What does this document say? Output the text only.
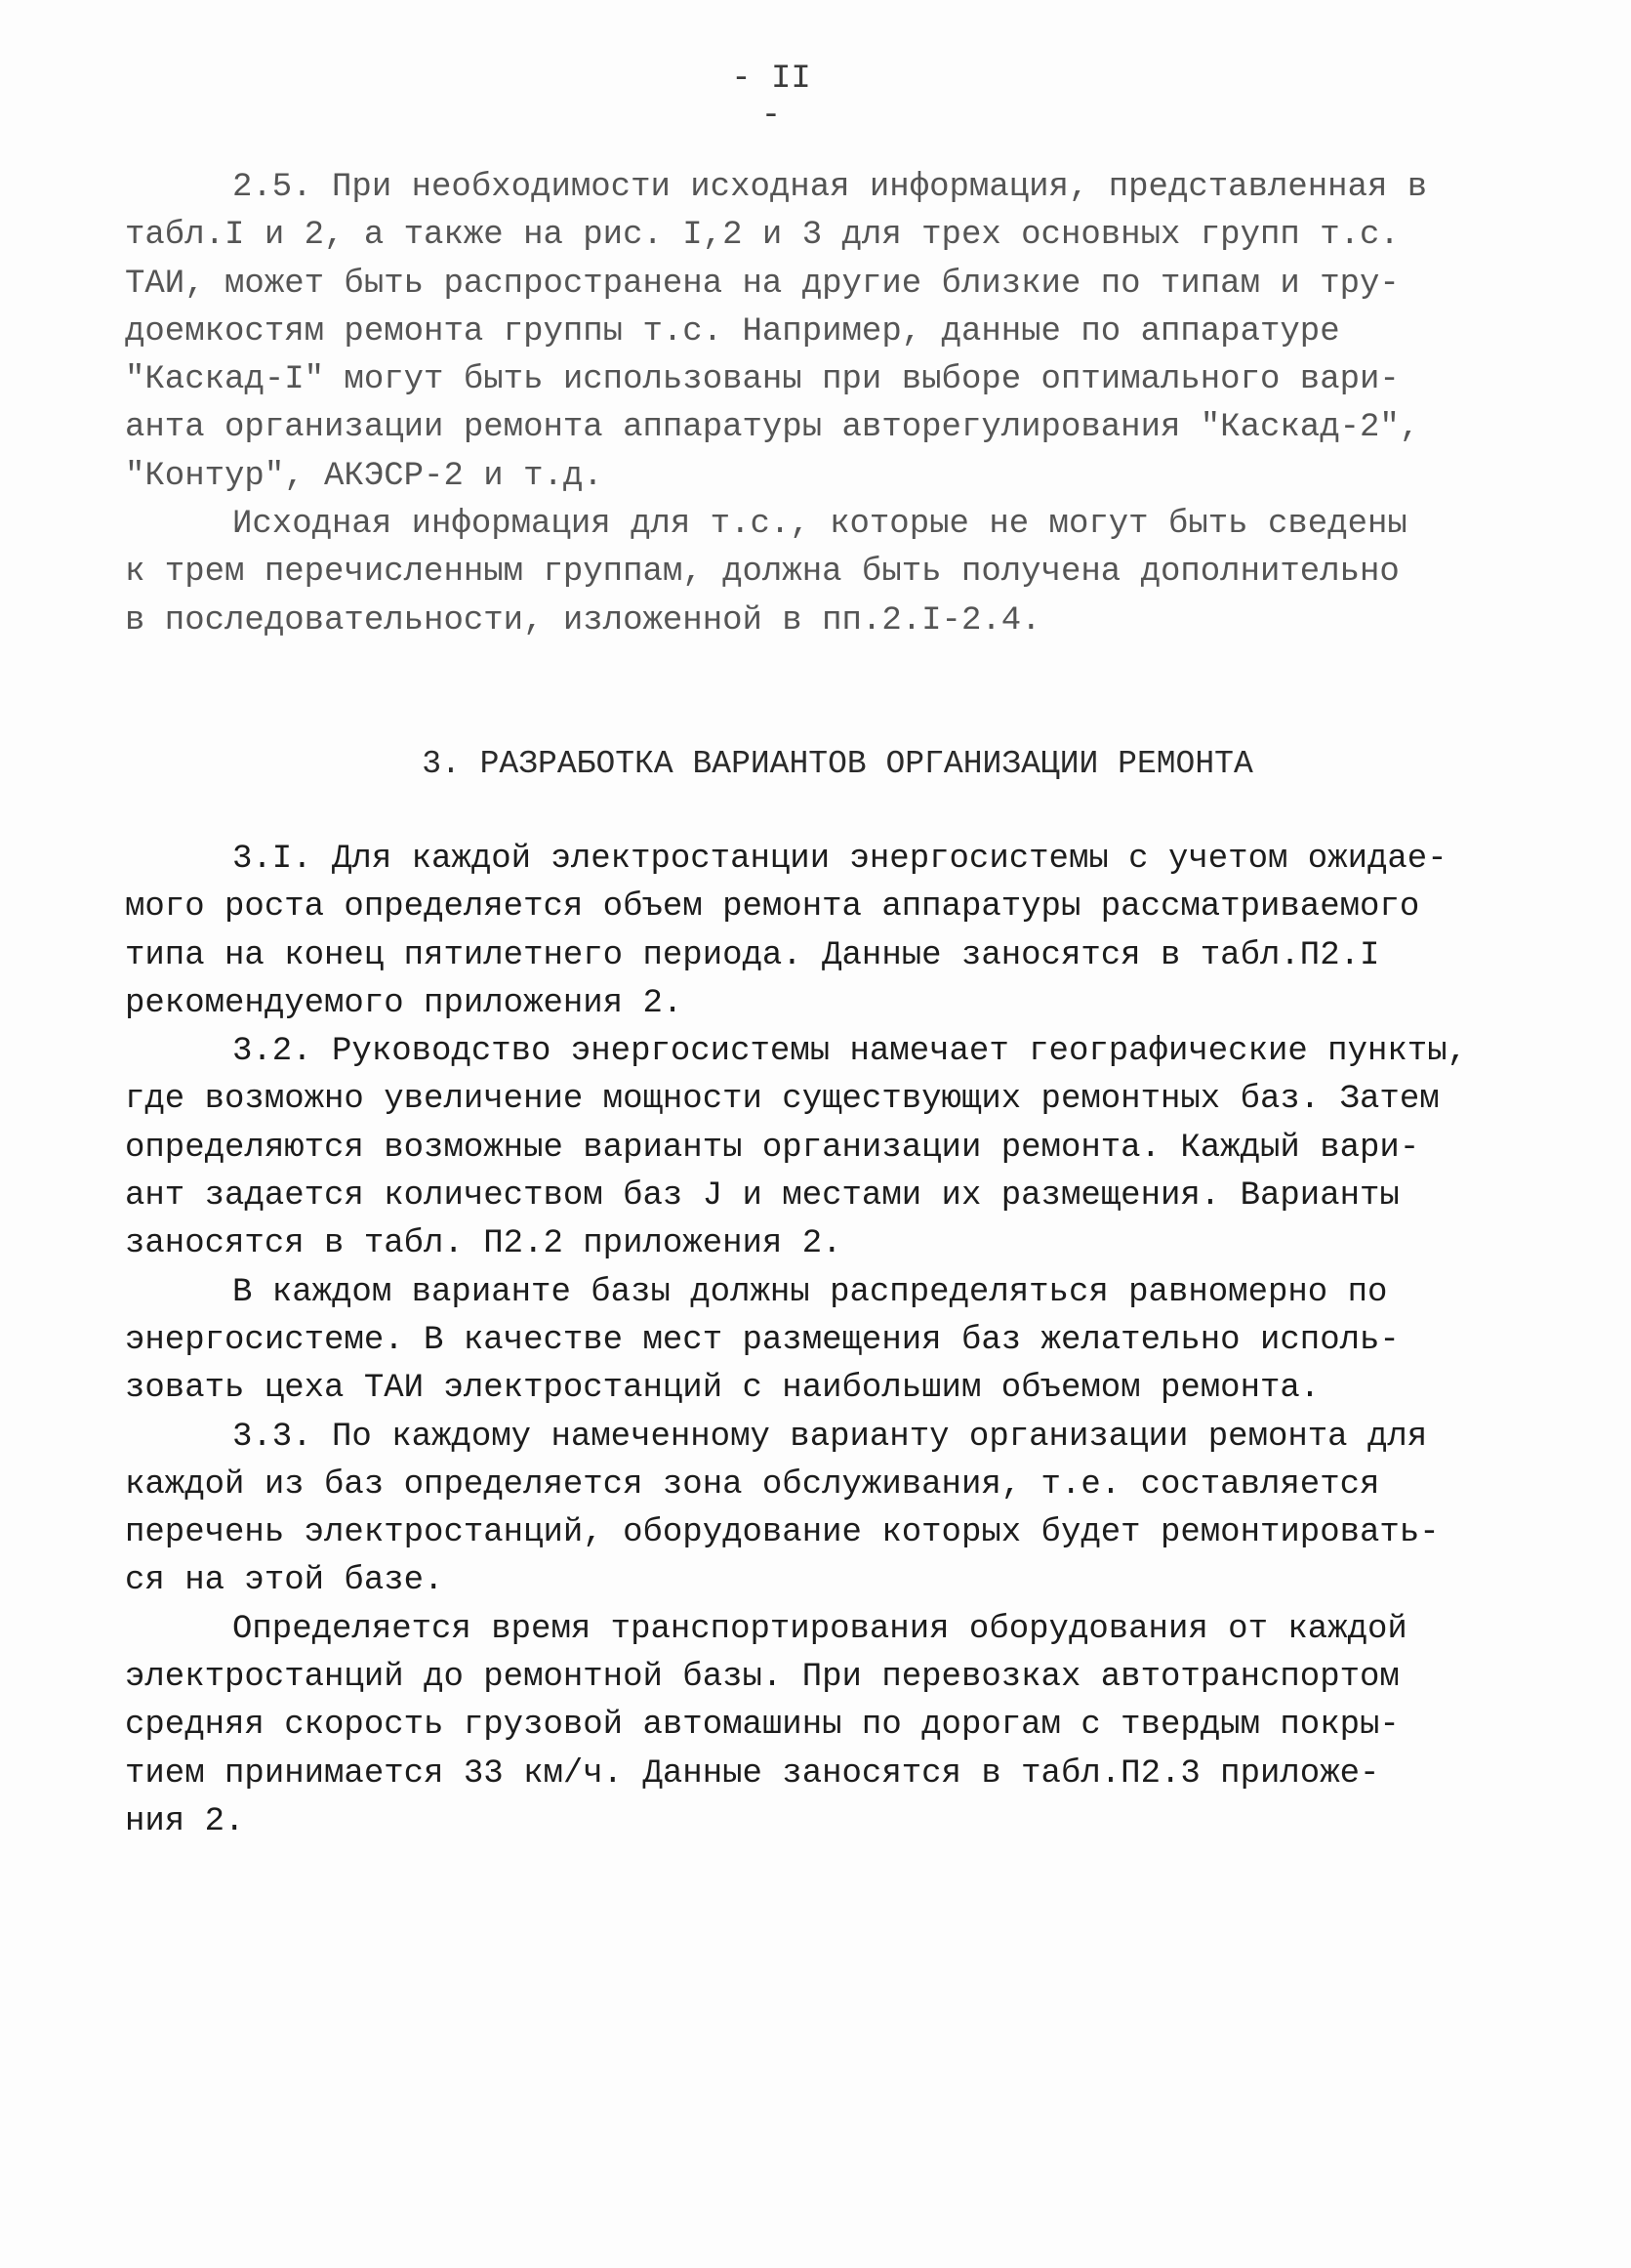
- II -
2.5. При необходимости исходная информация, представленная в
табл.I и 2, а также на рис. I,2 и 3 для трех основных групп т.с.
ТАИ, может быть распространена на другие близкие по типам и тру-
доемкостям ремонта группы т.с. Например, данные по аппаратуре
"Каскад-I" могут быть использованы при выборе оптимального вари-
анта организации ремонта аппаратуры авторегулирования "Каскад-2",
"Контур", АКЭСР-2 и т.д.
Исходная информация для т.с., которые не могут быть сведены
к трем перечисленным группам, должна быть получена дополнительно
в последовательности, изложенной в пп.2.I-2.4.
3. РАЗРАБОТКА ВАРИАНТОВ ОРГАНИЗАЦИИ РЕМОНТА
3.I. Для каждой электростанции энергосистемы с учетом ожидае-
мого роста определяется объем ремонта аппаратуры рассматриваемого
типа на конец пятилетнего периода. Данные заносятся в табл.П2.I
рекомендуемого приложения 2.
3.2. Руководство энергосистемы намечает географические пункты,
где возможно увеличение мощности существующих ремонтных баз. Затем
определяются возможные варианты организации ремонта. Каждый вари-
ант задается количеством баз J и местами их размещения. Варианты
заносятся в табл. П2.2 приложения 2.
В каждом варианте базы должны распределяться равномерно по
энергосистеме. В качестве мест размещения баз желательно исполь-
зовать цеха ТАИ электростанций с наибольшим объемом ремонта.
3.3. По каждому намеченному варианту организации ремонта для
каждой из баз определяется зона обслуживания, т.е. составляется
перечень электростанций, оборудование которых будет ремонтировать-
ся на этой базе.
Определяется время транспортирования оборудования от каждой
электростанций до ремонтной базы. При перевозках автотранспортом
средняя скорость грузовой автомашины по дорогам с твердым покры-
тием принимается 33 км/ч. Данные заносятся в табл.П2.3 приложе-
ния 2.
